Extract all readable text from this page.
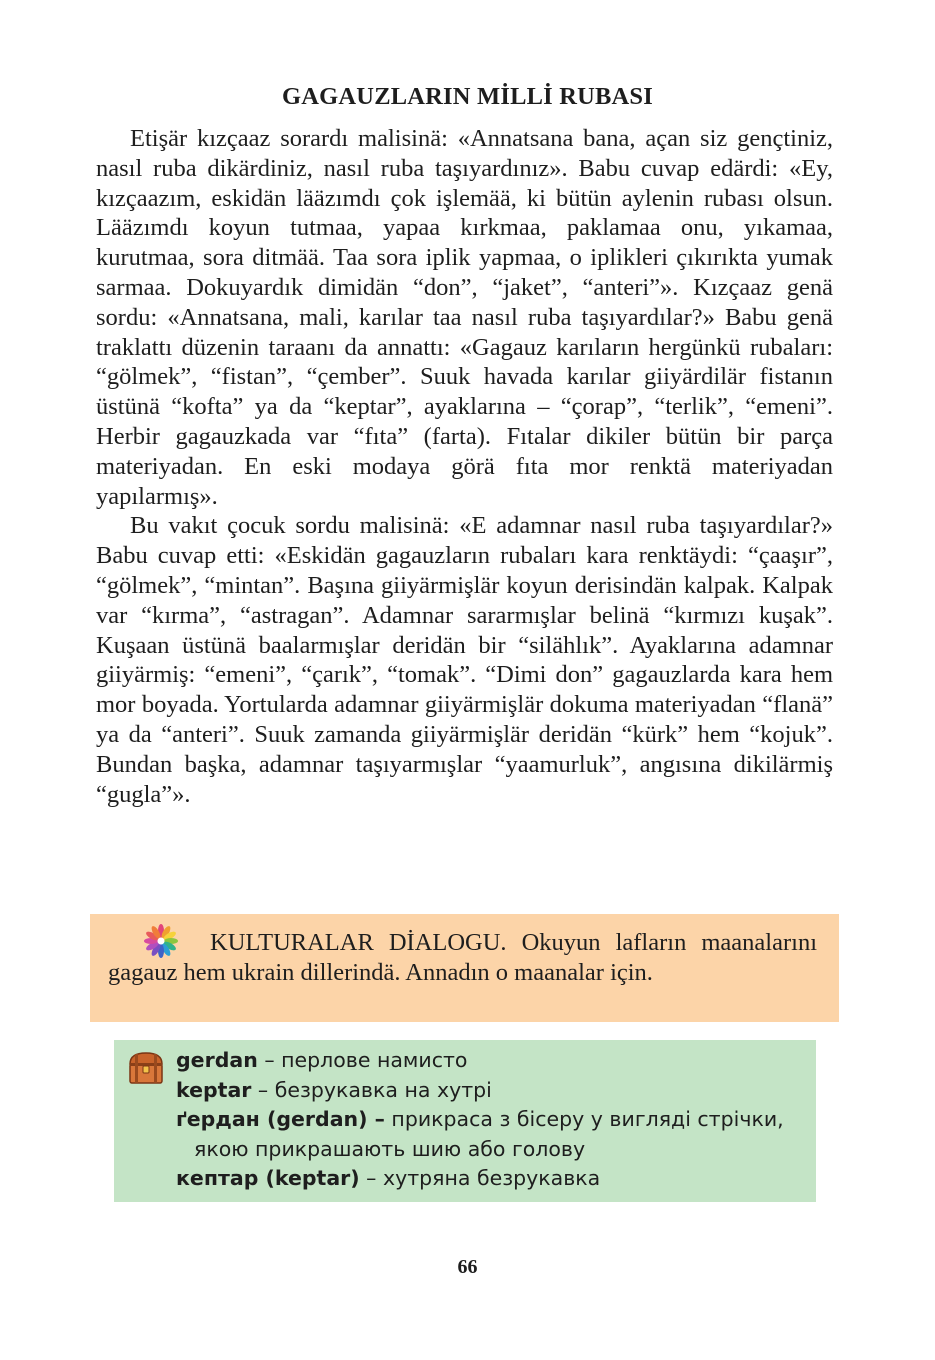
GAGAUZLARIN MİLLİ RUBASI

Etişär kızçaaz sorardı malisinä: «Annatsana bana, açan siz gençtiniz, nasıl ruba dikärdiniz, nasıl ruba taşıyardınız». Babu cuvap edärdi: «Ey, kızçaazım, eskidän lääzımdı çok işlemää, ki bütün aylenin rubası olsun. Lääzımdı koyun tutmaa, yapaa kırkmaa, paklamaa onu, yıkamaa, kurutmaa, sora ditmää. Taa sora iplik yapmaa, o iplikleri çıkırıkta yumak sarmaa. Dokuyardık dimidän “don”, “jaket”, “anteri”». Kızçaaz genä sordu: «Annatsana, mali, karılar taa nasıl ruba taşıyardılar?» Babu genä traklattı düzenin taraanı da annattı: «Gagauz karıların hergünkü rubaları: “gölmek”, “fistan”, “çember”. Suuk havada karılar giiyärdilär fistanın üstünä “kofta” ya da “keptar”, ayaklarına – “çorap”, “terlik”, “emeni”. Herbir gagauzkada var “fıta” (farta). Fıtalar dikiler bütün bir parça materiyadan. En eski modaya görä fıta mor renktä materiyadan yapılarmış».

Bu vakıt çocuk sordu malisinä: «E adamnar nasıl ruba taşıyardılar?» Babu cuvap etti: «Eskidän gagauzların rubaları kara renktäydi: “çaaşır”, “gölmek”, “mintan”. Başına giiyärmişlär koyun derisindän kalpak. Kalpak var “kırma”, “astragan”. Adamnar sararmışlar belinä “kırmızı kuşak”. Kuşaan üstünä baalarmışlar deridän bir “silählık”. Ayaklarına adamnar giiyärmiş: “emeni”, “çarık”, “tomak”. “Dimi don” gagauzlarda kara hem mor boyada. Yortularda adamnar giiyärmişlär dokuma materiyadan “flanä” ya da “anteri”. Suuk zamanda giiyärmişlär deridän “kürk” hem “kojuk”. Bundan başka, adamnar taşıyarmışlar “yaamurluk”, angısına dikilärmiş “gugla”».

KULTURALAR DİALOGU. Okuyun lafların maanalarını gagauz hem ukrain dillerindä. Annadın o maanalar için.

gerdan – перлове намисто
keptar – безрукавка на хутрі
ґердан (gerdan) – прикраса з бісеру у вигляді стрічки,
якою прикрашають шию або голову
кептар (keptar) – хутряна безрукавка
66
